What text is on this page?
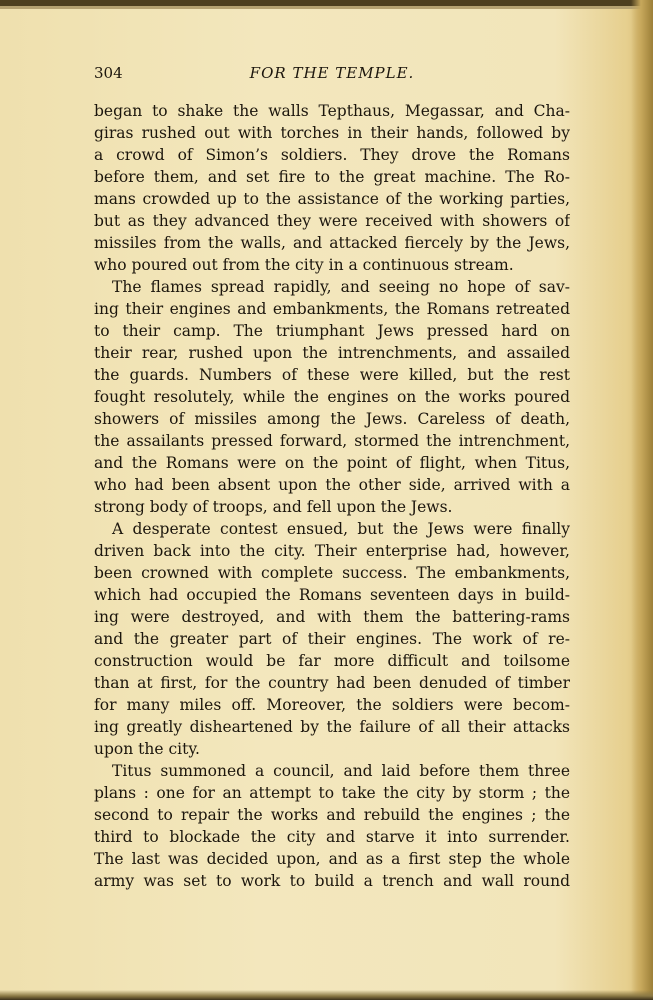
304	FOR THE TEMPLE.
began to shake the walls Tepthaus, Megassar, and Cha-
giras rushed out with torches in their hands, followed by
a crowd of Simon’s soldiers. They drove the Romans
before them, and set fire to the great machine. The Ro-
mans crowded up to the assistance of the working parties,
but as they advanced they were received with showers of
missiles from the walls, and attacked fiercely by the Jews,
who poured out from the city in a continuous stream.
The flames spread rapidly, and seeing no hope of sav-
ing their engines and embankments, the Romans retreated
to their camp. The triumphant Jews pressed hard on
their rear, rushed upon the intrenchments, and assailed
the guards. Numbers of these were killed, but the rest
fought resolutely, while the engines on the works poured
showers of missiles among the Jews. Careless of death,
the assailants pressed forward, stormed the intrenchment,
and the Romans were on the point of flight, when Titus,
who had been absent upon the other side, arrived with a
strong body of troops, and fell upon the Jews.
A desperate contest ensued, but the Jews were finally
driven back into the city. Their enterprise had, however,
been crowned with complete success. The embankments,
which had occupied the Romans seventeen days in build-
ing were destroyed, and with them the battering-rams
and the greater part of their engines. The work of re-
construction would be far more difficult and toilsome
than at first, for the country had been denuded of timber
for many miles off. Moreover, the soldiers were becom-
ing greatly disheartened by the failure of all their attacks
upon the city.
Titus summoned a council, and laid before them three
plans : one for an attempt to take the city by storm ; the
second to repair the works and rebuild the engines ; the
third to blockade the city and starve it into surrender.
The last was decided upon, and as a first step the whole
army was set to work to build a trench and wall round
